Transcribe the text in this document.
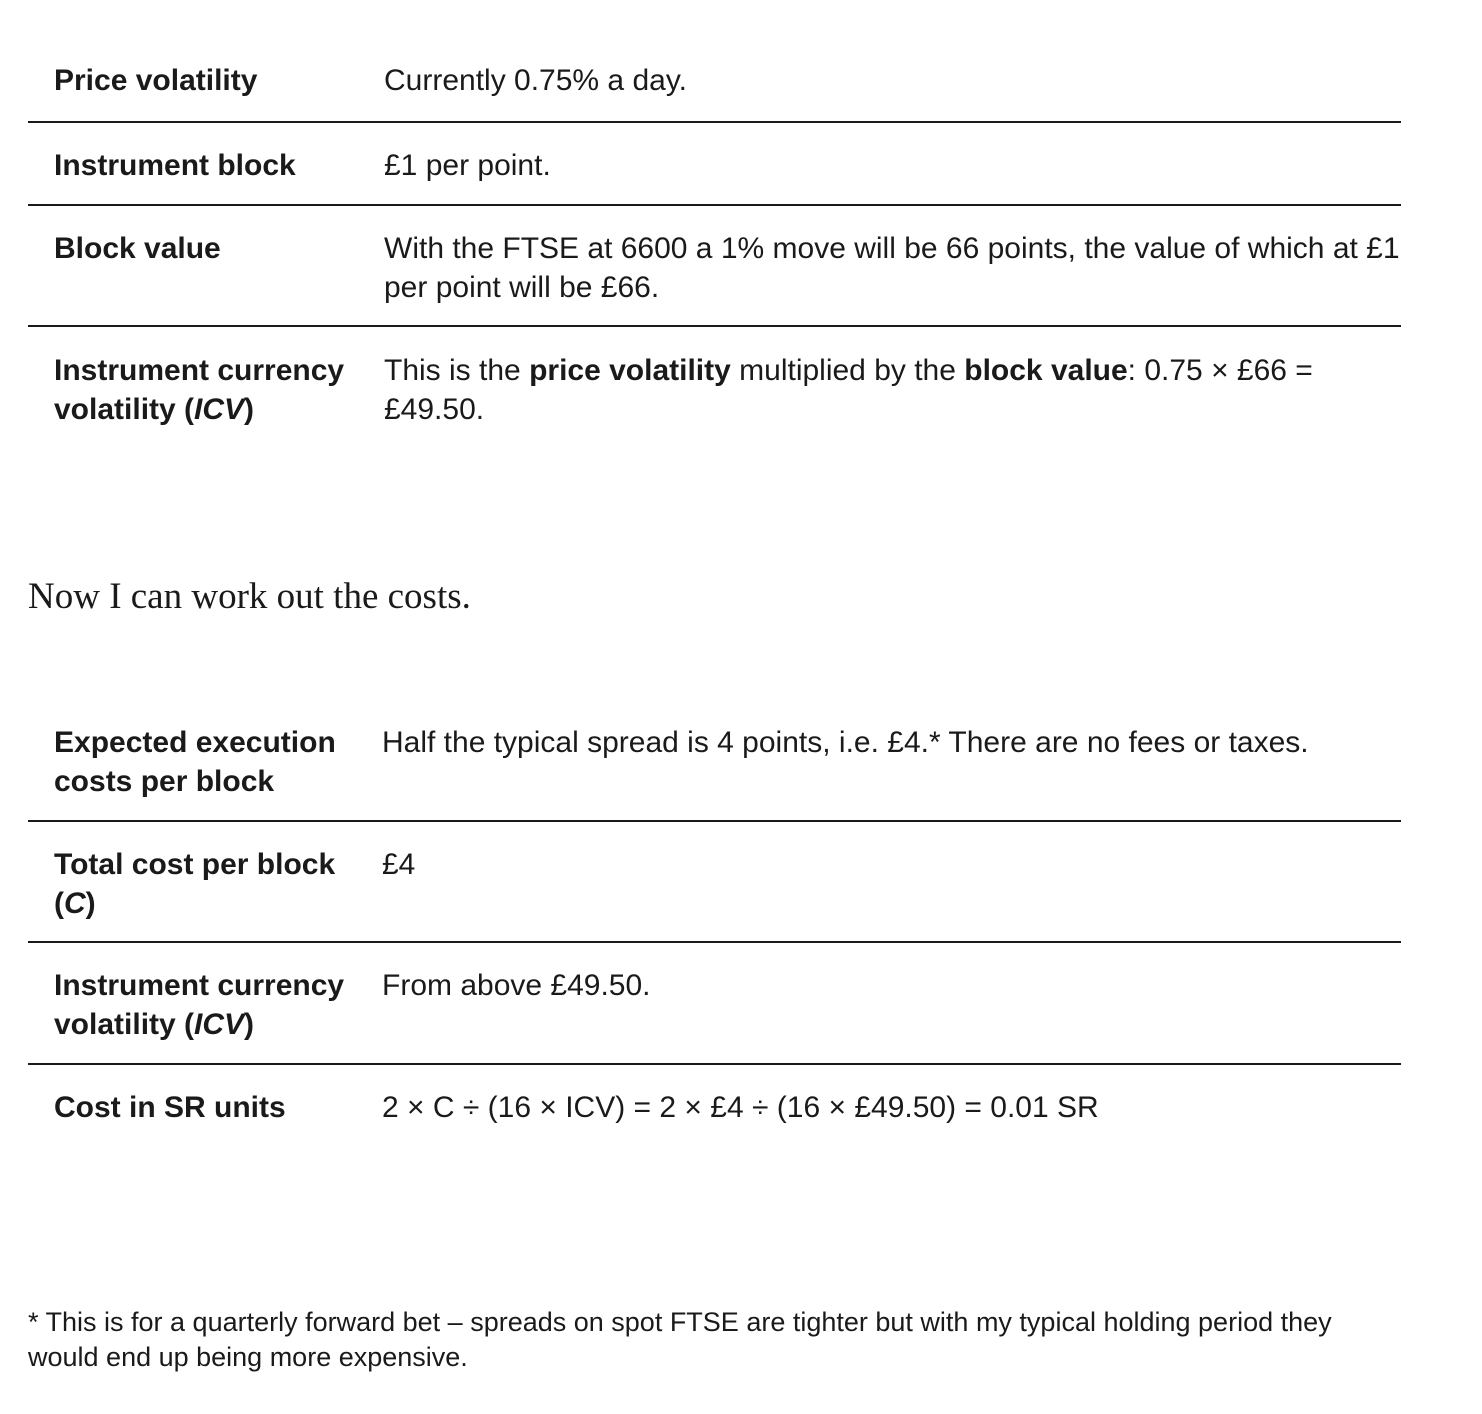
Price volatility	Currently 0.75% a day.
Instrument block	£1 per point.
Block value	With the FTSE at 6600 a 1% move will be 66 points, the value of which at £1 per point will be £66.
Instrument currency volatility (ICV)	This is the price volatility multiplied by the block value: 0.75 × £66 = £49.50.

Now I can work out the costs.

Expected execution costs per block	Half the typical spread is 4 points, i.e. £4.* There are no fees or taxes.
Total cost per block (C)	£4
Instrument currency volatility (ICV)	From above £49.50.
Cost in SR units	2 × C ÷ (16 × ICV) = 2 × £4 ÷ (16 × £49.50) = 0.01 SR

* This is for a quarterly forward bet – spreads on spot FTSE are tighter but with my typical holding period they would end up being more expensive.
